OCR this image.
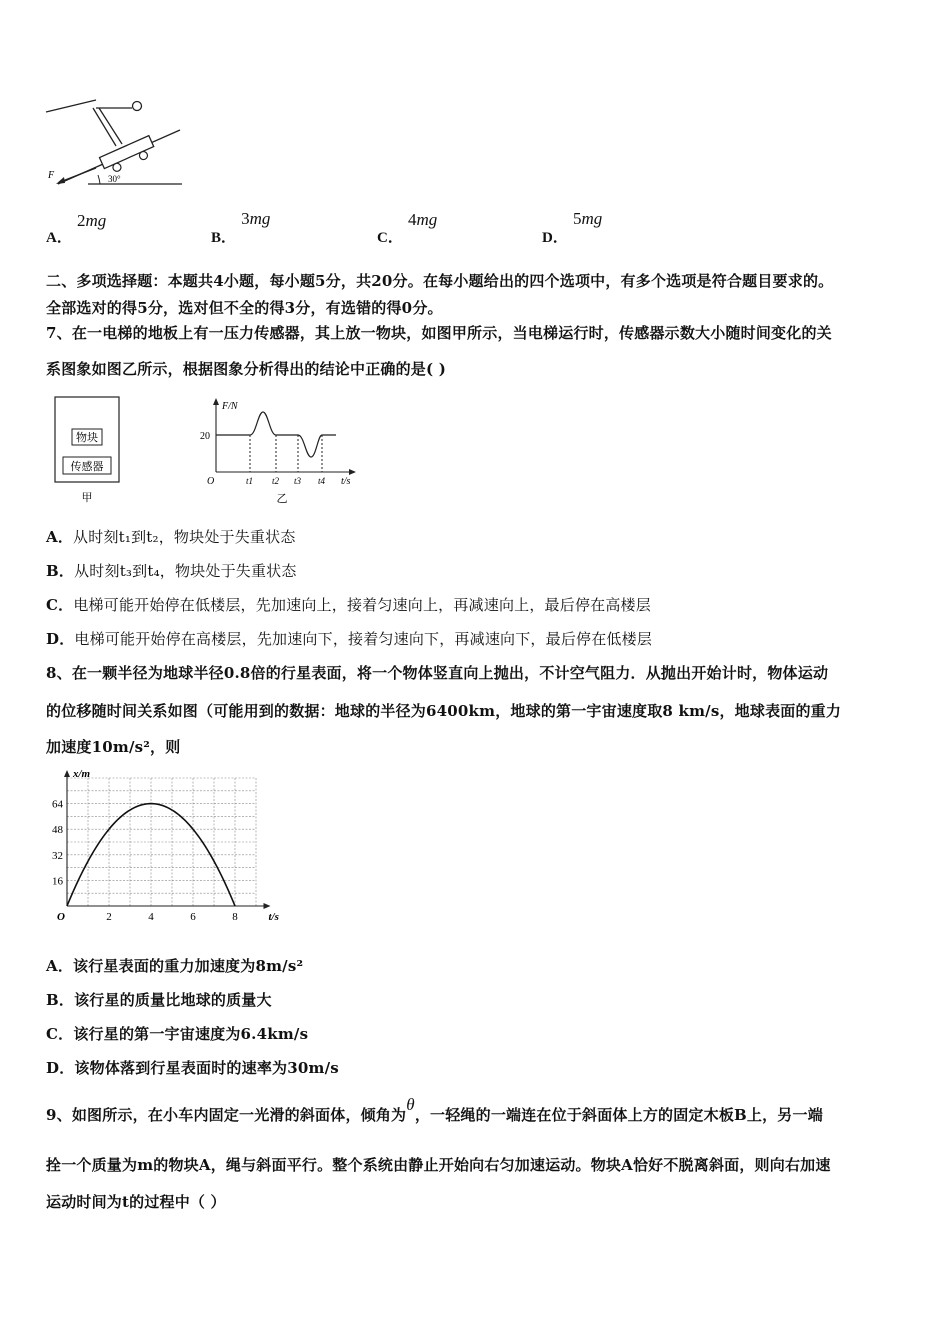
F	30°
A． 2mg
B． 3mg
C． 4mg
D． 5mg
二、多项选择题：本题共4小题，每小题5分，共20分。在每小题给出的四个选项中，有多个选项是符合题目要求的。
全部选对的得5分，选对但不全的得3分，有选错的得0分。
7、在一电梯的地板上有一压力传感器，其上放一物块，如图甲所示，当电梯运行时，传感器示数大小随时间变化的关
系图象如图乙所示，根据图象分析得出的结论中正确的是( )
物块
传感器
甲
F/N
20
O	t1 t2 t3 t4 t/s
乙
A．从时刻t₁到t₂，物块处于失重状态
B．从时刻t₃到t₄，物块处于失重状态
C．电梯可能开始停在低楼层，先加速向上，接着匀速向上，再减速向上，最后停在高楼层
D．电梯可能开始停在高楼层，先加速向下，接着匀速向下，再减速向下，最后停在低楼层
8、在一颗半径为地球半径0.8倍的行星表面，将一个物体竖直向上抛出，不计空气阻力．从抛出开始计时，物体运动
的位移随时间关系如图（可能用到的数据：地球的半径为6400km，地球的第一宇宙速度取8 km/s，地球表面的重力
加速度10m/s²，则
2	4	6	8
16
32
48
64
O	t/s
x/m
A．该行星表面的重力加速度为8m/s²
B．该行星的质量比地球的质量大
C．该行星的第一宇宙速度为6.4km/s
D．该物体落到行星表面时的速率为30m/s
9、如图所示，在小车内固定一光滑的斜面体，倾角为θ，一轻绳的一端连在位于斜面体上方的固定木板B上，另一端
拴一个质量为m的物块A，绳与斜面平行。整个系统由静止开始向右匀加速运动。物块A恰好不脱离斜面，则向右加速
运动时间为t的过程中（ ）
